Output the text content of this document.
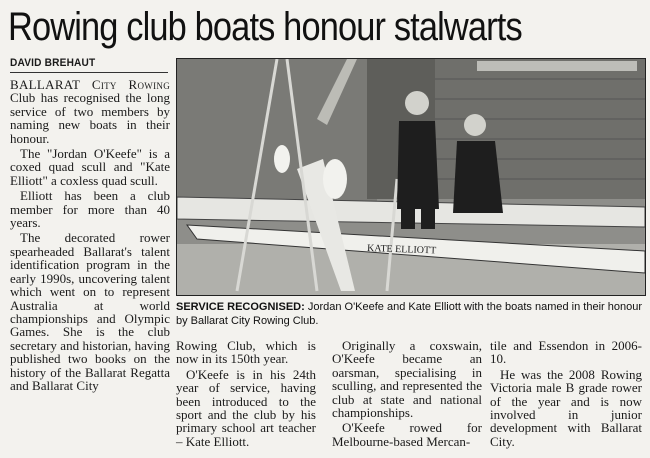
Rowing club boats honour stalwarts
DAVID BREHAUT

BALLARAT City Rowing Club has recognised the long service of two members by naming new boats in their honour.

The "Jordan O'Keefe" is a coxed quad scull and "Kate Elliott" a coxless quad scull.

Elliott has been a club member for more than 40 years.

The decorated rower spearheaded Ballarat's talent identification program in the early 1990s, uncovering talent which went on to represent Australia at world championships and Olympic Games. She is the club secretary and historian, having published two books on the history of the Ballarat Regatta and Ballarat City

KATE ELLIOTT
SERVICE RECOGNISED: Jordan O'Keefe and Kate Elliott with the boats named in their honour by Ballarat City Rowing Club.

Rowing Club, which is now in its 150th year.

O'Keefe is in his 24th year of service, having been introduced to the sport and the club by his primary school art teacher – Kate Elliott.

Originally a coxswain, O'Keefe became an oarsman, specialising in sculling, and represented the club at state and national championships.

O'Keefe rowed for Melbourne-based Mercan-

tile and Essendon in 2006-10.

He was the 2008 Rowing Victoria male B grade rower of the year and is now involved in junior development with Ballarat City.
